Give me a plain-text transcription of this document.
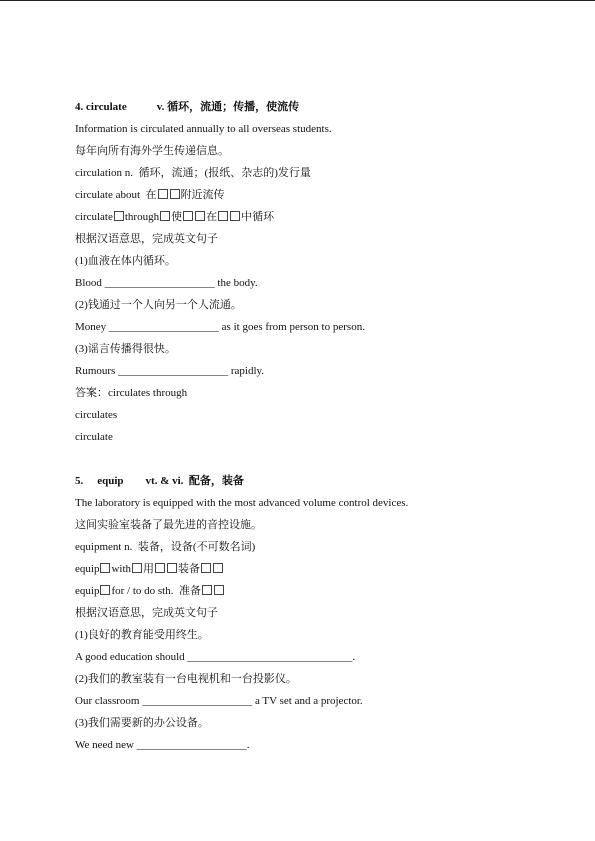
4. circulate	v. 循环，流通；传播，使流传
Information is circulated annually to all overseas students.
每年向所有海外学生传递信息。
circulation n.  循环，流通；(报纸、杂志的)发行量
circulate about  在 附近流传
circulate through 使 在 中循环
根据汉语意思，完成英文句子
(1)血液在体内循环。
Blood ____________________ the body.
(2)钱通过一个人向另一个人流通。
Money ____________________ as it goes from person to person.
(3)谣言传播得很快。
Rumours ____________________ rapidly.
答案：circulates through
circulates
circulate
5. equip vt. & vi.  配备，装备
The laboratory is equipped with the most advanced volume control devices.
这间实验室装备了最先进的音控设施。
equipment n.  装备，设备(不可数名词)
equip with 用 装备
equip for / to do sth.  准备
根据汉语意思，完成英文句子
(1)良好的教育能受用终生。
A good education should ______________________________.
(2)我们的教室装有一台电视机和一台投影仪。
Our classroom ____________________ a TV set and a projector.
(3)我们需要新的办公设备。
We need new ____________________.
